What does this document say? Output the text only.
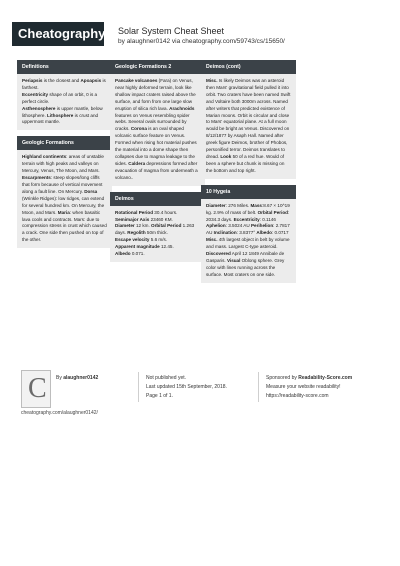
Cheatography Solar System Cheat Sheet
by alaughner0142 via cheatography.com/59743/cs/15650/
Definitions
Periapsis is the closest and Apoapsis is farthest.
Eccentricity shape of an orbit, 0 is a perfect circle.
Asthenosphere is upper mantle, below lithosphere. Lithosphere is crust and uppermost mantle.
Geologic Formations
Highland continents: areas of unstable terrain with high peaks and valleys on Mercury, Venus, The Moon, and Mars.
Escarpments: steep slopes/long cliffs that form because of vertical movement along a fault line. On Mercury. Dorsa (Wrinkle Ridges): low ridges, can extend for several hundred km. On Mercury, the Moon, and Mars. Maria: when basaltic lava cools and contracts. Mars: due to compression stress in crust which caused a crack. One side then pushed on top of the other.
Geologic Formations 2
Pancake volcanoes (Fara) on Venus, near highly deformed terrain, look like shallow impact craters raised above the surface, and form from one large slow eruption of silica rich lava. Arachnoids features on Venus resembling spider webs. Several ovals surrounded by cracks. Corona is an oval shaped volcanic surface feature on Venus. Formed when rising hot material pushes the material into a dome shape then collapses due to magma leakage to the sides. Caldera depressions formed after evacuation of magma from underneath a volcano..
Deimos
Rotational Period 30.4 hours.
Semimajor Axis 23460 KM.
Diameter 12 km. Orbital Period 1.263 days. Regolith 50m thick.
Escape velocity 5.6 m/s.
Apparent magnitude 12.45.
Albedo 0.071.
Deimos (cont)
Misc. Is likely Deimos was an asteroid then Mars' gravitational field pulled it into orbit. Two craters have been named Swift and Voltaire both 3000m across. Named after writers that predicted existence of Marian moons. Orbit is circular and close to Mars' equatorial plane. At a full moon would be bright as Venus. Discovered on 8/12/1877 by Asaph Hall. Named after greek figure Deimos, brother of Phobos, personified terror. Deimos translates to dread. Look 50 of a red hue. Would of been a sphere but chunk is missing on the bottom and top right.
10 Hygeia
Diameter: 276 Miles. Mass:8.67 × 10^19 kg. 2.9% of mass of belt. Orbital Period: 2034.3 days. Eccentricity: 0.1146 Aphelion: 3.5024 AU Perihelion: 2.7817 AU Inclination: 3.8377° Albedo: 0.0717 Misc. 4th largest object in belt by volume and mass. Largest C-type asteroid. Discovered April 12 1849 Annibale de Gasparis. Visual Oblong sphere. Grey color with lines running across the surface. Most craters on one side.
C By alaughner0142
cheatography.com/alaughner0142/
Not published yet.
Last updated 15th September, 2018.
Page 1 of 1.
Sponsored by Readability-Score.com
Measure your website readability!
https://readability-score.com
